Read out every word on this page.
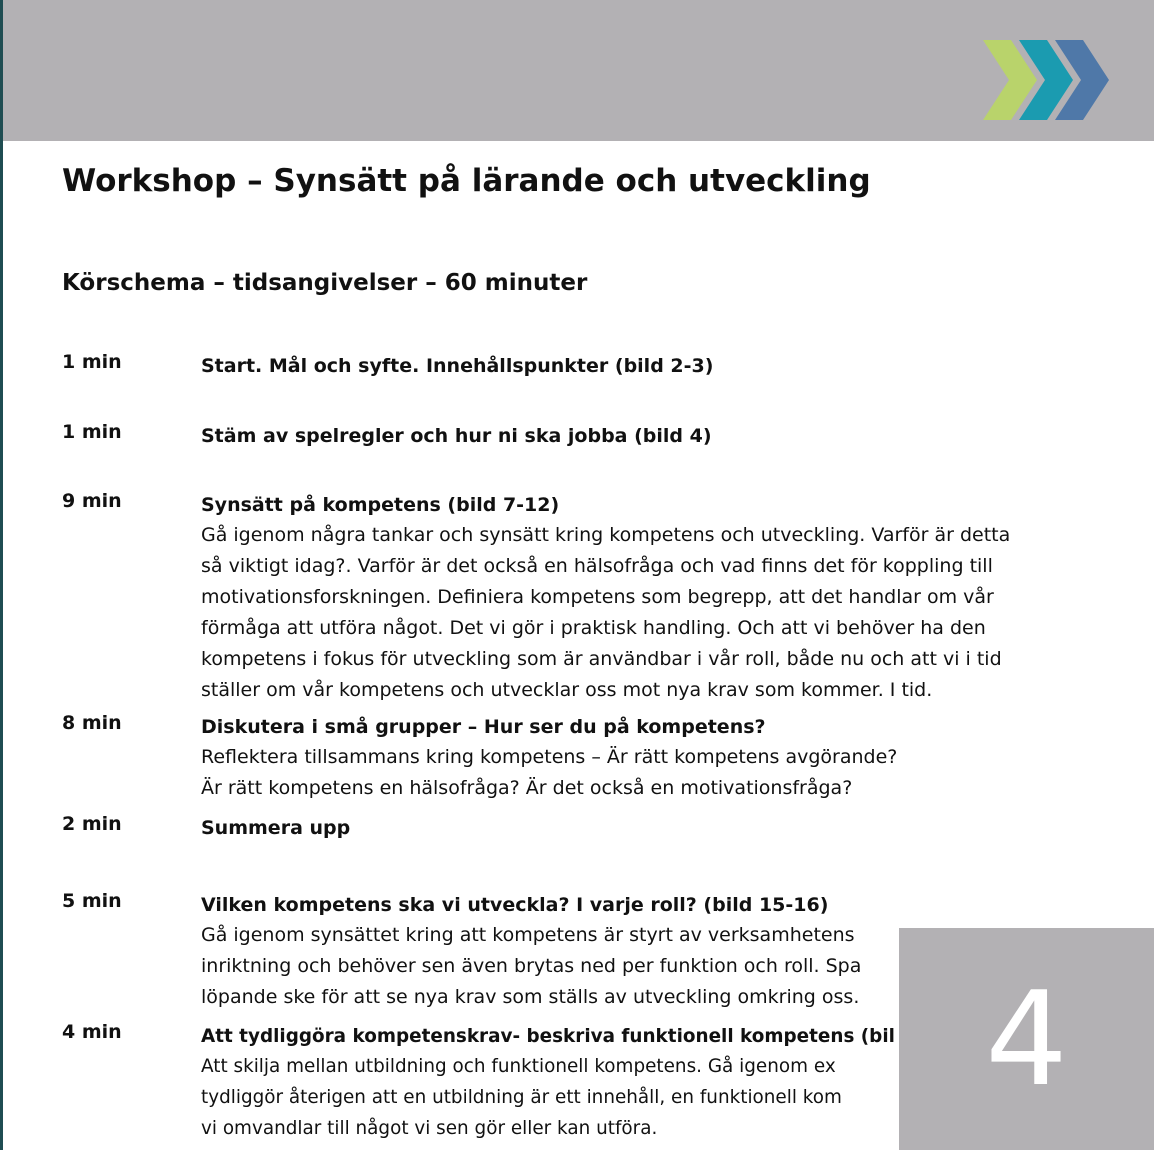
Workshop – Synsätt på lärande och utveckling
Körschema – tidsangivelser – 60 minuter
1 min	Start. Mål och syfte. Innehållspunkter (bild 2-3)
1 min	Stäm av spelregler och hur ni ska jobba (bild 4)
9 min	Synsätt på kompetens (bild 7-12)
Gå igenom några tankar och synsätt kring kompetens och utveckling. Varför är detta
så viktigt idag?. Varför är det också en hälsofråga och vad finns det för koppling till
motivationsforskningen. Definiera kompetens som begrepp, att det handlar om vår
förmåga att utföra något. Det vi gör i praktisk handling. Och att vi behöver ha den
kompetens i fokus för utveckling som är användbar i vår roll, både nu och att vi i tid
ställer om vår kompetens och utvecklar oss mot nya krav som kommer. I tid.
8 min	Diskutera i små grupper – Hur ser du på kompetens?
Reflektera tillsammans kring kompetens – Är rätt kompetens avgörande?
Är rätt kompetens en hälsofråga? Är det också en motivationsfråga?
2 min	Summera upp
5 min	Vilken kompetens ska vi utveckla? I varje roll? (bild 15-16)
Gå igenom synsättet kring att kompetens är styrt av verksamhetens
inriktning och behöver sen även brytas ned per funktion och roll. Spa
löpande ske för att se nya krav som ställs av utveckling omkring oss.
4 min	Att tydliggöra kompetenskrav- beskriva funktionell kompetens (bil
Att skilja mellan utbildning och funktionell kompetens. Gå igenom ex
tydliggör återigen att en utbildning är ett innehåll, en funktionell kom
vi omvandlar till något vi sen gör eller kan utföra.
4
